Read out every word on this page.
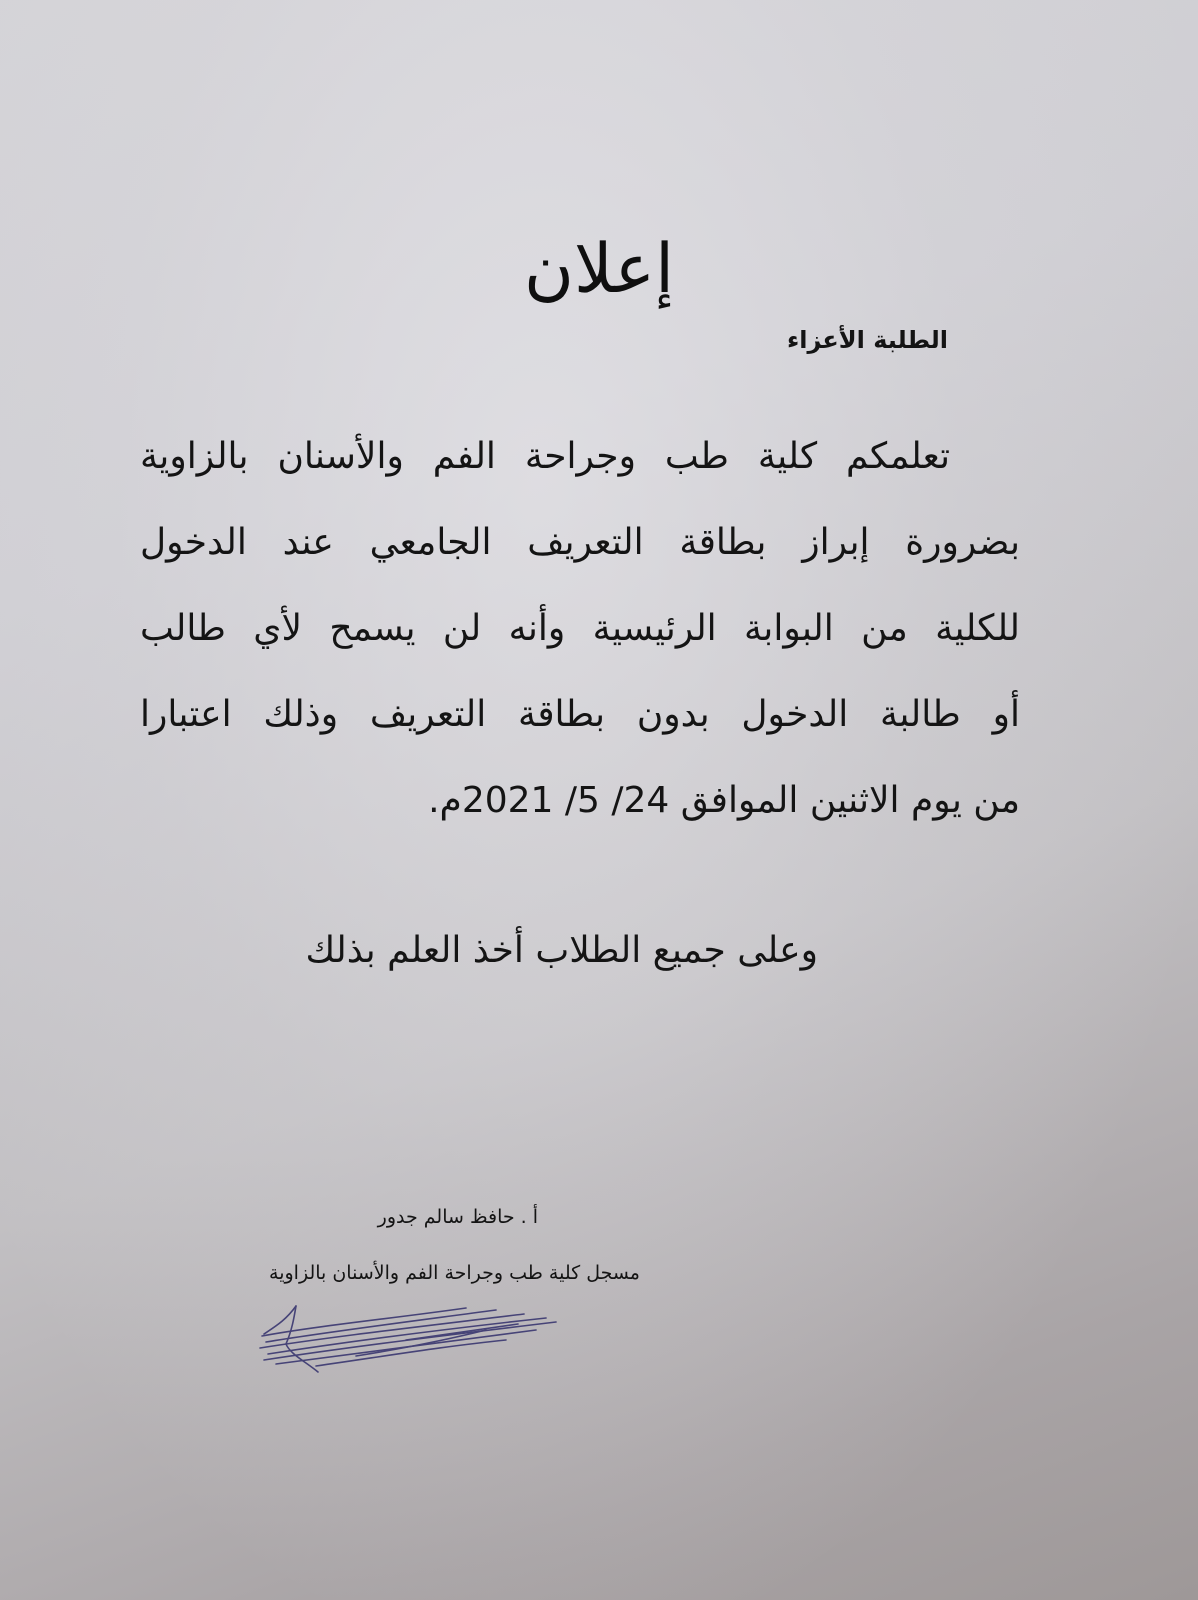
إعلان
الطلبة الأعزاء
تعلمكم كلية طب وجراحة الفم والأسنان بالزاوية
بضرورة إبراز بطاقة التعريف الجامعي عند الدخول
للكلية من البوابة الرئيسية وأنه لن يسمح لأي طالب
أو طالبة الدخول بدون بطاقة التعريف وذلك اعتبارا
من يوم الاثنين الموافق 24/ 5/ 2021م.
وعلى جميع الطلاب أخذ العلم بذلك
أ . حافظ سالم جدور
مسجل كلية طب وجراحة الفم والأسنان بالزاوية
